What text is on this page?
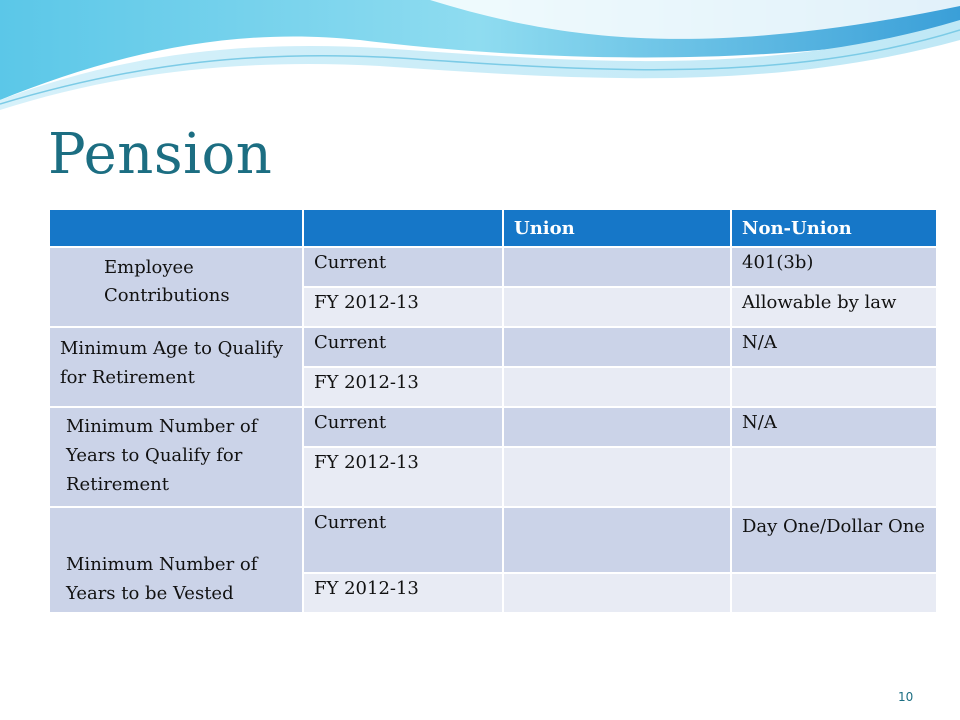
Pension
		Union	Non-Union
Employee Contributions	Current		401(3b)
	FY 2012-13		Allowable by law
Minimum Age to Qualify for Retirement	Current		N/A
	FY 2012-13		
Minimum Number of Years to Qualify for Retirement	Current		N/A
	FY 2012-13		
Minimum Number of Years to be Vested	Current		Day One/Dollar One
	FY 2012-13		
10
